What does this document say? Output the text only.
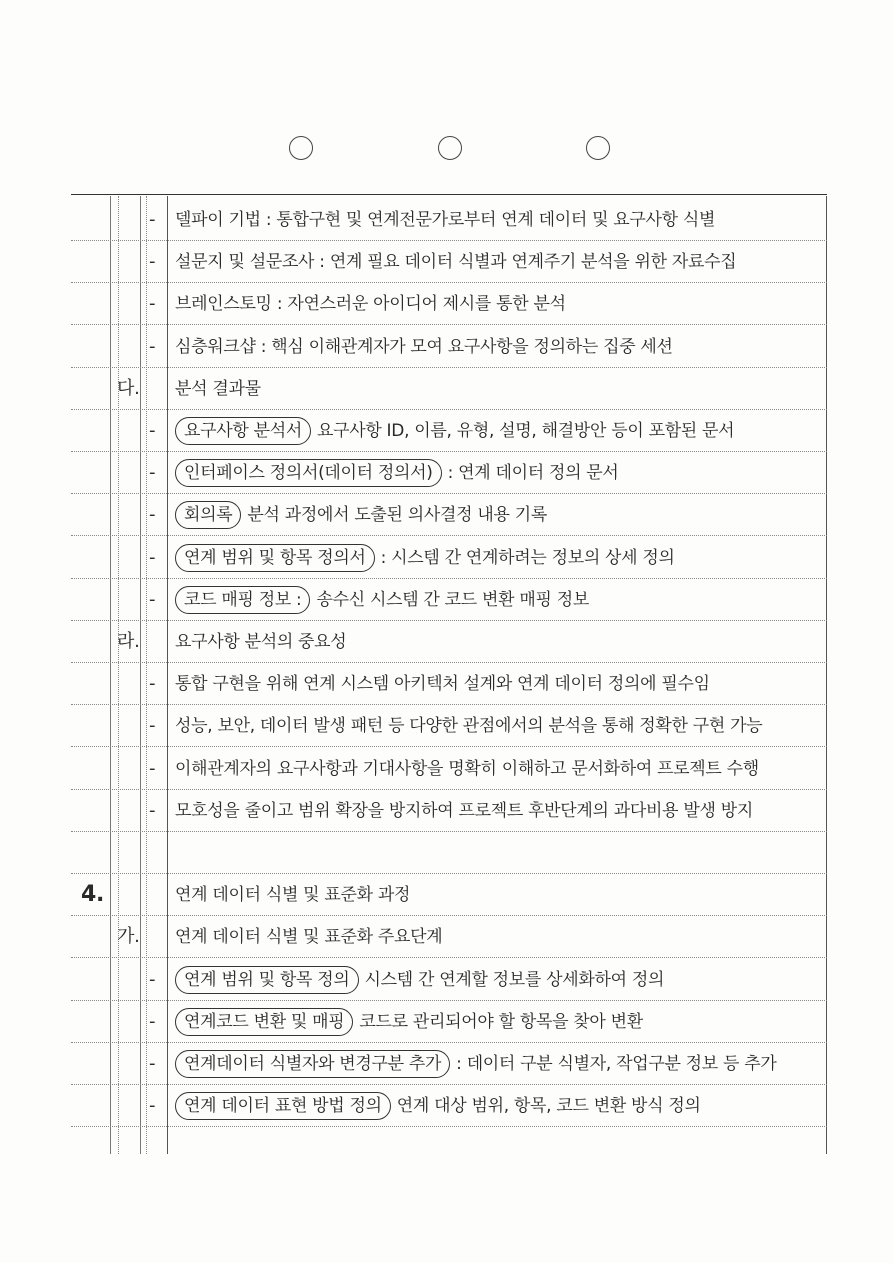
- 델파이 기법 : 통합구현 및 연계전문가로부터 연계 데이터 및 요구사항 식별
- 설문지 및 설문조사 : 연계 필요 데이터 식별과 연계주기 분석을 위한 자료수집
- 브레인스토밍 : 자연스러운 아이디어 제시를 통한 분석
- 심층워크샵 : 핵심 이해관계자가 모여 요구사항을 정의하는 집중 세션
다. 분석 결과물
-	요구사항 분석서 요구사항 ID, 이름, 유형, 설명, 해결방안 등이 포함된 문서
-	인터페이스 정의서(데이터 정의서) : 연계 데이터 정의 문서
-	회의록 분석 과정에서 도출된 의사결정 내용 기록
-	연계 범위 및 항목 정의서 : 시스템 간 연계하려는 정보의 상세 정의
-	코드 매핑 정보 : 송수신 시스템 간 코드 변환 매핑 정보
라. 요구사항 분석의 중요성
- 통합 구현을 위해 연계 시스템 아키텍처 설계와 연계 데이터 정의에 필수임
- 성능, 보안, 데이터 발생 패턴 등 다양한 관점에서의 분석을 통해 정확한 구현 가능
- 이해관계자의 요구사항과 기대사항을 명확히 이해하고 문서화하여 프로젝트 수행
- 모호성을 줄이고 범위 확장을 방지하여 프로젝트 후반단계의 과다비용 발생 방지
4.	연계 데이터 식별 및 표준화 과정
가. 연계 데이터 식별 및 표준화 주요단계
-	연계 범위 및 항목 정의 시스템 간 연계할 정보를 상세화하여 정의
-	연계코드 변환 및 매핑 코드로 관리되어야 할 항목을 찾아 변환
-	연계데이터 식별자와 변경구분 추가 : 데이터 구분 식별자, 작업구분 정보 등 추가
-	연계 데이터 표현 방법 정의 연계 대상 범위, 항목, 코드 변환 방식 정의
